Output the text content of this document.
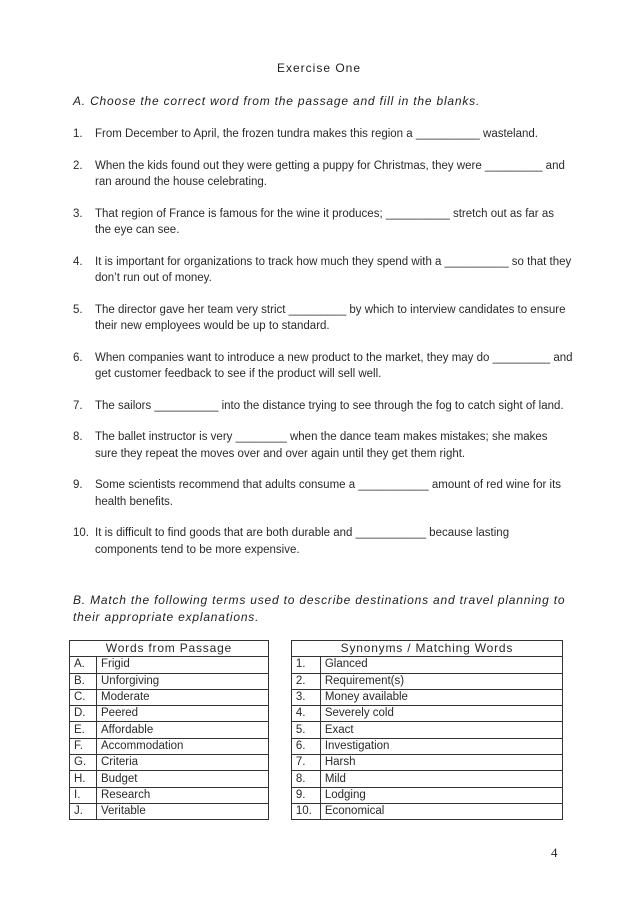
Exercise One
A. Choose the correct word from the passage and fill in the blanks.
1.	From December to April, the frozen tundra makes this region a __________ wasteland.
2.	When the kids found out they were getting a puppy for Christmas, they were _________ and ran around the house celebrating.
3.	That region of France is famous for the wine it produces; __________ stretch out as far as the eye can see.
4.	It is important for organizations to track how much they spend with a __________ so that they don’t run out of money.
5.	The director gave her team very strict _________ by which to interview candidates to ensure their new employees would be up to standard.
6.	When companies want to introduce a new product to the market, they may do _________ and get customer feedback to see if the product will sell well.
7.	The sailors __________ into the distance trying to see through the fog to catch sight of land.
8.	The ballet instructor is very ________ when the dance team makes mistakes; she makes sure they repeat the moves over and over again until they get them right.
9.	Some scientists recommend that adults consume a ___________ amount of red wine for its health benefits.
10. It is difficult to find goods that are both durable and ___________ because lasting components tend to be more expensive.
B. Match the following terms used to describe destinations and travel planning to their appropriate explanations.
Words from Passage			Synonyms / Matching Words	
A.	Frigid		1.	Glanced
B.	Unforgiving		2.	Requirement(s)
C.	Moderate		3.	Money available
D.	Peered		4.	Severely cold
E.	Affordable		5.	Exact
F.	Accommodation		6.	Investigation
G.	Criteria		7.	Harsh
H.	Budget		8.	Mild
I.	Research		9.	Lodging
J.	Veritable		10.	Economical
4
